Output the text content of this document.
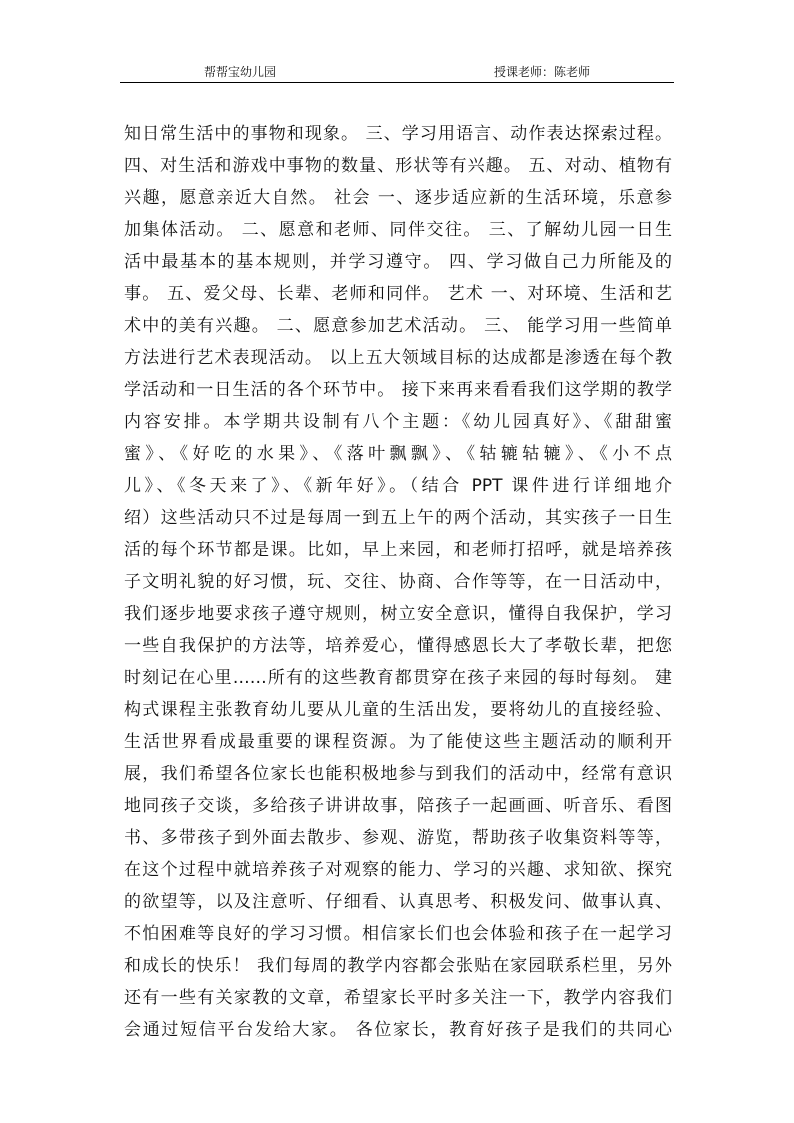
帮帮宝幼儿园	授课老师：陈老师
知日常生活中的事物和现象。 三、学习用语言、动作表达探索过程。
四、对生活和游戏中事物的数量、形状等有兴趣。 五、对动、植物有
兴趣，愿意亲近大自然。 社会 一、逐步适应新的生活环境，乐意参
加集体活动。 二、愿意和老师、同伴交往。 三、了解幼儿园一日生
活中最基本的基本规则，并学习遵守。 四、学习做自己力所能及的
事。 五、爱父母、长辈、老师和同伴。 艺术 一、对环境、生活和艺
术中的美有兴趣。 二、愿意参加艺术活动。 三、 能学习用一些简单
方法进行艺术表现活动。 以上五大领域目标的达成都是渗透在每个教
学活动和一日生活的各个环节中。 接下来再来看看我们这学期的教学
内容安排。本学期共设制有八个主题：《幼儿园真好》、《甜甜蜜
蜜》、《好吃的水果》、《落叶飘飘》、《轱辘轱辘》、《小不点
儿》、《冬天来了》、《新年好》。（结合 PPT 课件进行详细地介
绍）这些活动只不过是每周一到五上午的两个活动，其实孩子一日生
活的每个环节都是课。比如，早上来园，和老师打招呼，就是培养孩
子文明礼貌的好习惯，玩、交往、协商、合作等等，在一日活动中，
我们逐步地要求孩子遵守规则，树立安全意识，懂得自我保护，学习
一些自我保护的方法等，培养爱心，懂得感恩长大了孝敬长辈，把您
时刻记在心里……所有的这些教育都贯穿在孩子来园的每时每刻。 建
构式课程主张教育幼儿要从儿童的生活出发，要将幼儿的直接经验、
生活世界看成最重要的课程资源。为了能使这些主题活动的顺利开
展，我们希望各位家长也能积极地参与到我们的活动中，经常有意识
地同孩子交谈，多给孩子讲讲故事，陪孩子一起画画、听音乐、看图
书、多带孩子到外面去散步、参观、游览，帮助孩子收集资料等等，
在这个过程中就培养孩子对观察的能力、学习的兴趣、求知欲、探究
的欲望等，以及注意听、仔细看、认真思考、积极发问、做事认真、
不怕困难等良好的学习习惯。相信家长们也会体验和孩子在一起学习
和成长的快乐！ 我们每周的教学内容都会张贴在家园联系栏里，另外
还有一些有关家教的文章，希望家长平时多关注一下，教学内容我们
会通过短信平台发给大家。 各位家长，教育好孩子是我们的共同心
